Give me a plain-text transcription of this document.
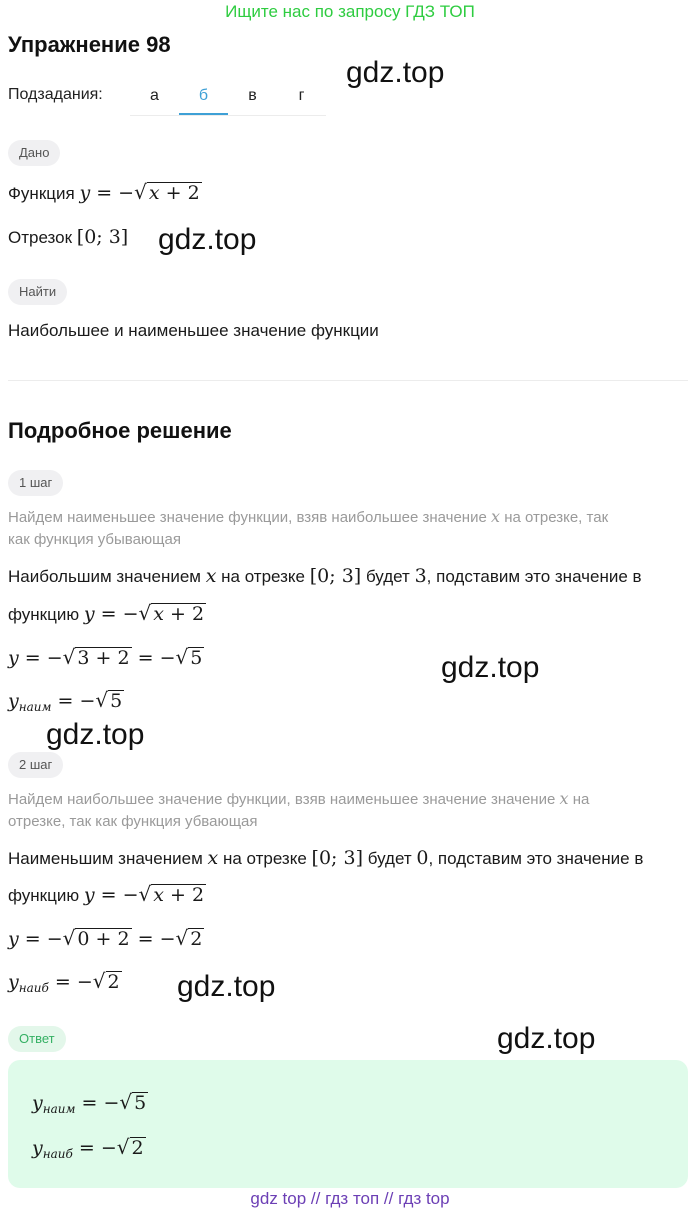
Ищите нас по запросу ГДЗ ТОП
Упражнение 98
gdz.top
gdz.top
gdz.top
gdz.top
gdz.top
gdz.top
Подзадания:	а	б	в	г
Дано
Функция y = −√ x + 2
Отрезок [0; 3]
Найти
Наибольшее и наименьшее значение функции
Подробное решение
1 шаг
Найдем наименьшее значение функции, взяв наибольшее значение x на отрезке, так
как функция убывающая
Наибольшим значением x на отрезке [0; 3] будет 3, подставим это значение в
функцию y = −√ x + 2
y = −√ 3 + 2 = −√ 5
$y_{наим}$ = −√ 5
2 шаг
Найдем наибольшее значение функции, взяв наименьшее значение значение x на
отрезке, так как функция убвающая
Наименьшим значением x на отрезке [0; 3] будет 0, подставим это значение в
функцию y = −√ x + 2
y = −√ 0 + 2 = −√ 2
$y_{наиб}$ = −√ 2
Ответ
$y_{наим}$ = −√ 5
$y_{наиб}$ = −√ 2
gdz top // гдз топ // гдз top
